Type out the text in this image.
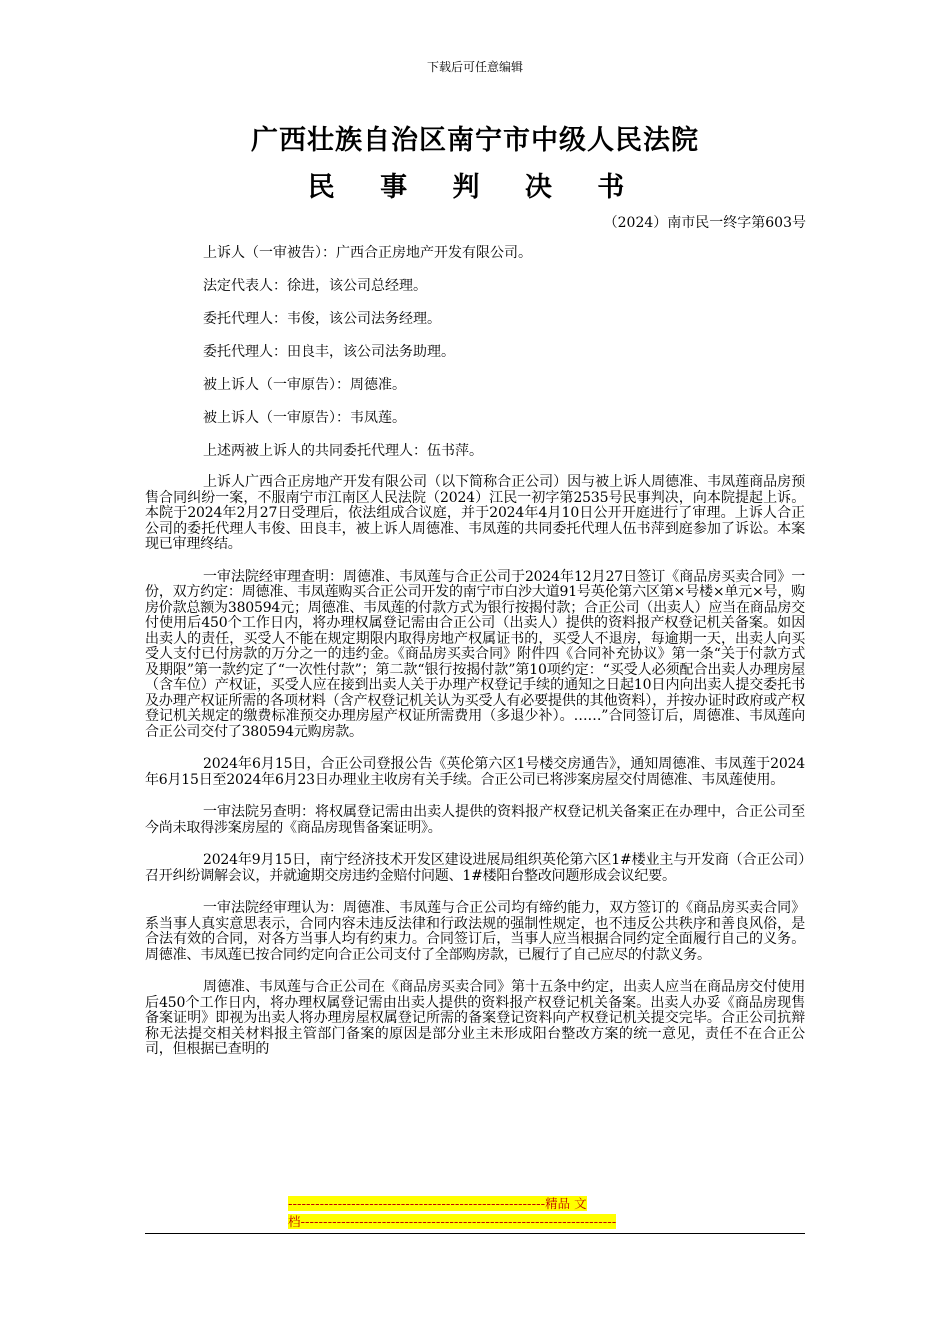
下载后可任意编辑
广西壮族自治区南宁市中级人民法院
民 事 判 决 书
（2024）南市民一终字第603号
上诉人（一审被告）：广西合正房地产开发有限公司。
法定代表人：徐进，该公司总经理。
委托代理人：韦俊，该公司法务经理。
委托代理人：田良丰，该公司法务助理。
被上诉人（一审原告）：周德准。
被上诉人（一审原告）：韦凤莲。
上述两被上诉人的共同委托代理人：伍书萍。

上诉人广西合正房地产开发有限公司（以下简称合正公司）因与被上诉人周德准、韦凤莲商品房预售合同纠纷一案，不服南宁市江南区人民法院（2024）江民一初字第2535号民事判决，向本院提起上诉。本院于2024年2月27日受理后，依法组成合议庭，并于2024年4月10日公开开庭进行了审理。上诉人合正公司的委托代理人韦俊、田良丰，被上诉人周德准、韦凤莲的共同委托代理人伍书萍到庭参加了诉讼。本案现已审理终结。

一审法院经审理查明：周德准、韦凤莲与合正公司于2024年12月27日签订《商品房买卖合同》一份，双方约定：周德准、韦凤莲购买合正公司开发的南宁市白沙大道91号英伦第六区第×号楼×单元×号，购房价款总额为380594元；周德准、韦凤莲的付款方式为银行按揭付款；合正公司（出卖人）应当在商品房交付使用后450个工作日内，将办理权属登记需由合正公司（出卖人）提供的资料报产权登记机关备案。如因出卖人的责任，买受人不能在规定期限内取得房地产权属证书的，买受人不退房，每逾期一天，出卖人向买受人支付已付房款的万分之一的违约金。《商品房买卖合同》附件四《合同补充协议》第一条“关于付款方式及期限”第一款约定了“一次性付款”；第二款“银行按揭付款”第10项约定：“买受人必须配合出卖人办理房屋（含车位）产权证，买受人应在接到出卖人关于办理产权登记手续的通知之日起10日内向出卖人提交委托书及办理产权证所需的各项材料（含产权登记机关认为买受人有必要提供的其他资料），并按办证时政府或产权登记机关规定的缴费标准预交办理房屋产权证所需费用（多退少补）。……”合同签订后，周德准、韦凤莲向合正公司交付了380594元购房款。

2024年6月15日，合正公司登报公告《英伦第六区1号楼交房通告》，通知周德准、韦凤莲于2024年6月15日至2024年6月23日办理业主收房有关手续。合正公司已将涉案房屋交付周德准、韦凤莲使用。

一审法院另查明：将权属登记需由出卖人提供的资料报产权登记机关备案正在办理中，合正公司至今尚未取得涉案房屋的《商品房现售备案证明》。

2024年9月15日，南宁经济技术开发区建设进展局组织英伦第六区1#楼业主与开发商（合正公司）召开纠纷调解会议，并就逾期交房违约金赔付问题、1#楼阳台整改问题形成会议纪要。

一审法院经审理认为：周德准、韦凤莲与合正公司均有缔约能力，双方签订的《商品房买卖合同》系当事人真实意思表示，合同内容未违反法律和行政法规的强制性规定，也不违反公共秩序和善良风俗，是合法有效的合同，对各方当事人均有约束力。合同签订后，当事人应当根据合同约定全面履行自己的义务。周德准、韦凤莲已按合同约定向合正公司支付了全部购房款，已履行了自己应尽的付款义务。

周德准、韦凤莲与合正公司在《商品房买卖合同》第十五条中约定，出卖人应当在商品房交付使用后450个工作日内，将办理权属登记需由出卖人提供的资料报产权登记机关备案。出卖人办妥《商品房现售备案证明》即视为出卖人将办理房屋权属登记所需的备案登记资料向产权登记机关提交完毕。合正公司抗辩称无法提交相关材料报主管部门备案的原因是部分业主未形成阳台整改方案的统一意见，责任不在合正公司，但根据已查明的

---------------------------------------------------------精品 文
档----------------------------------------------------------------------
